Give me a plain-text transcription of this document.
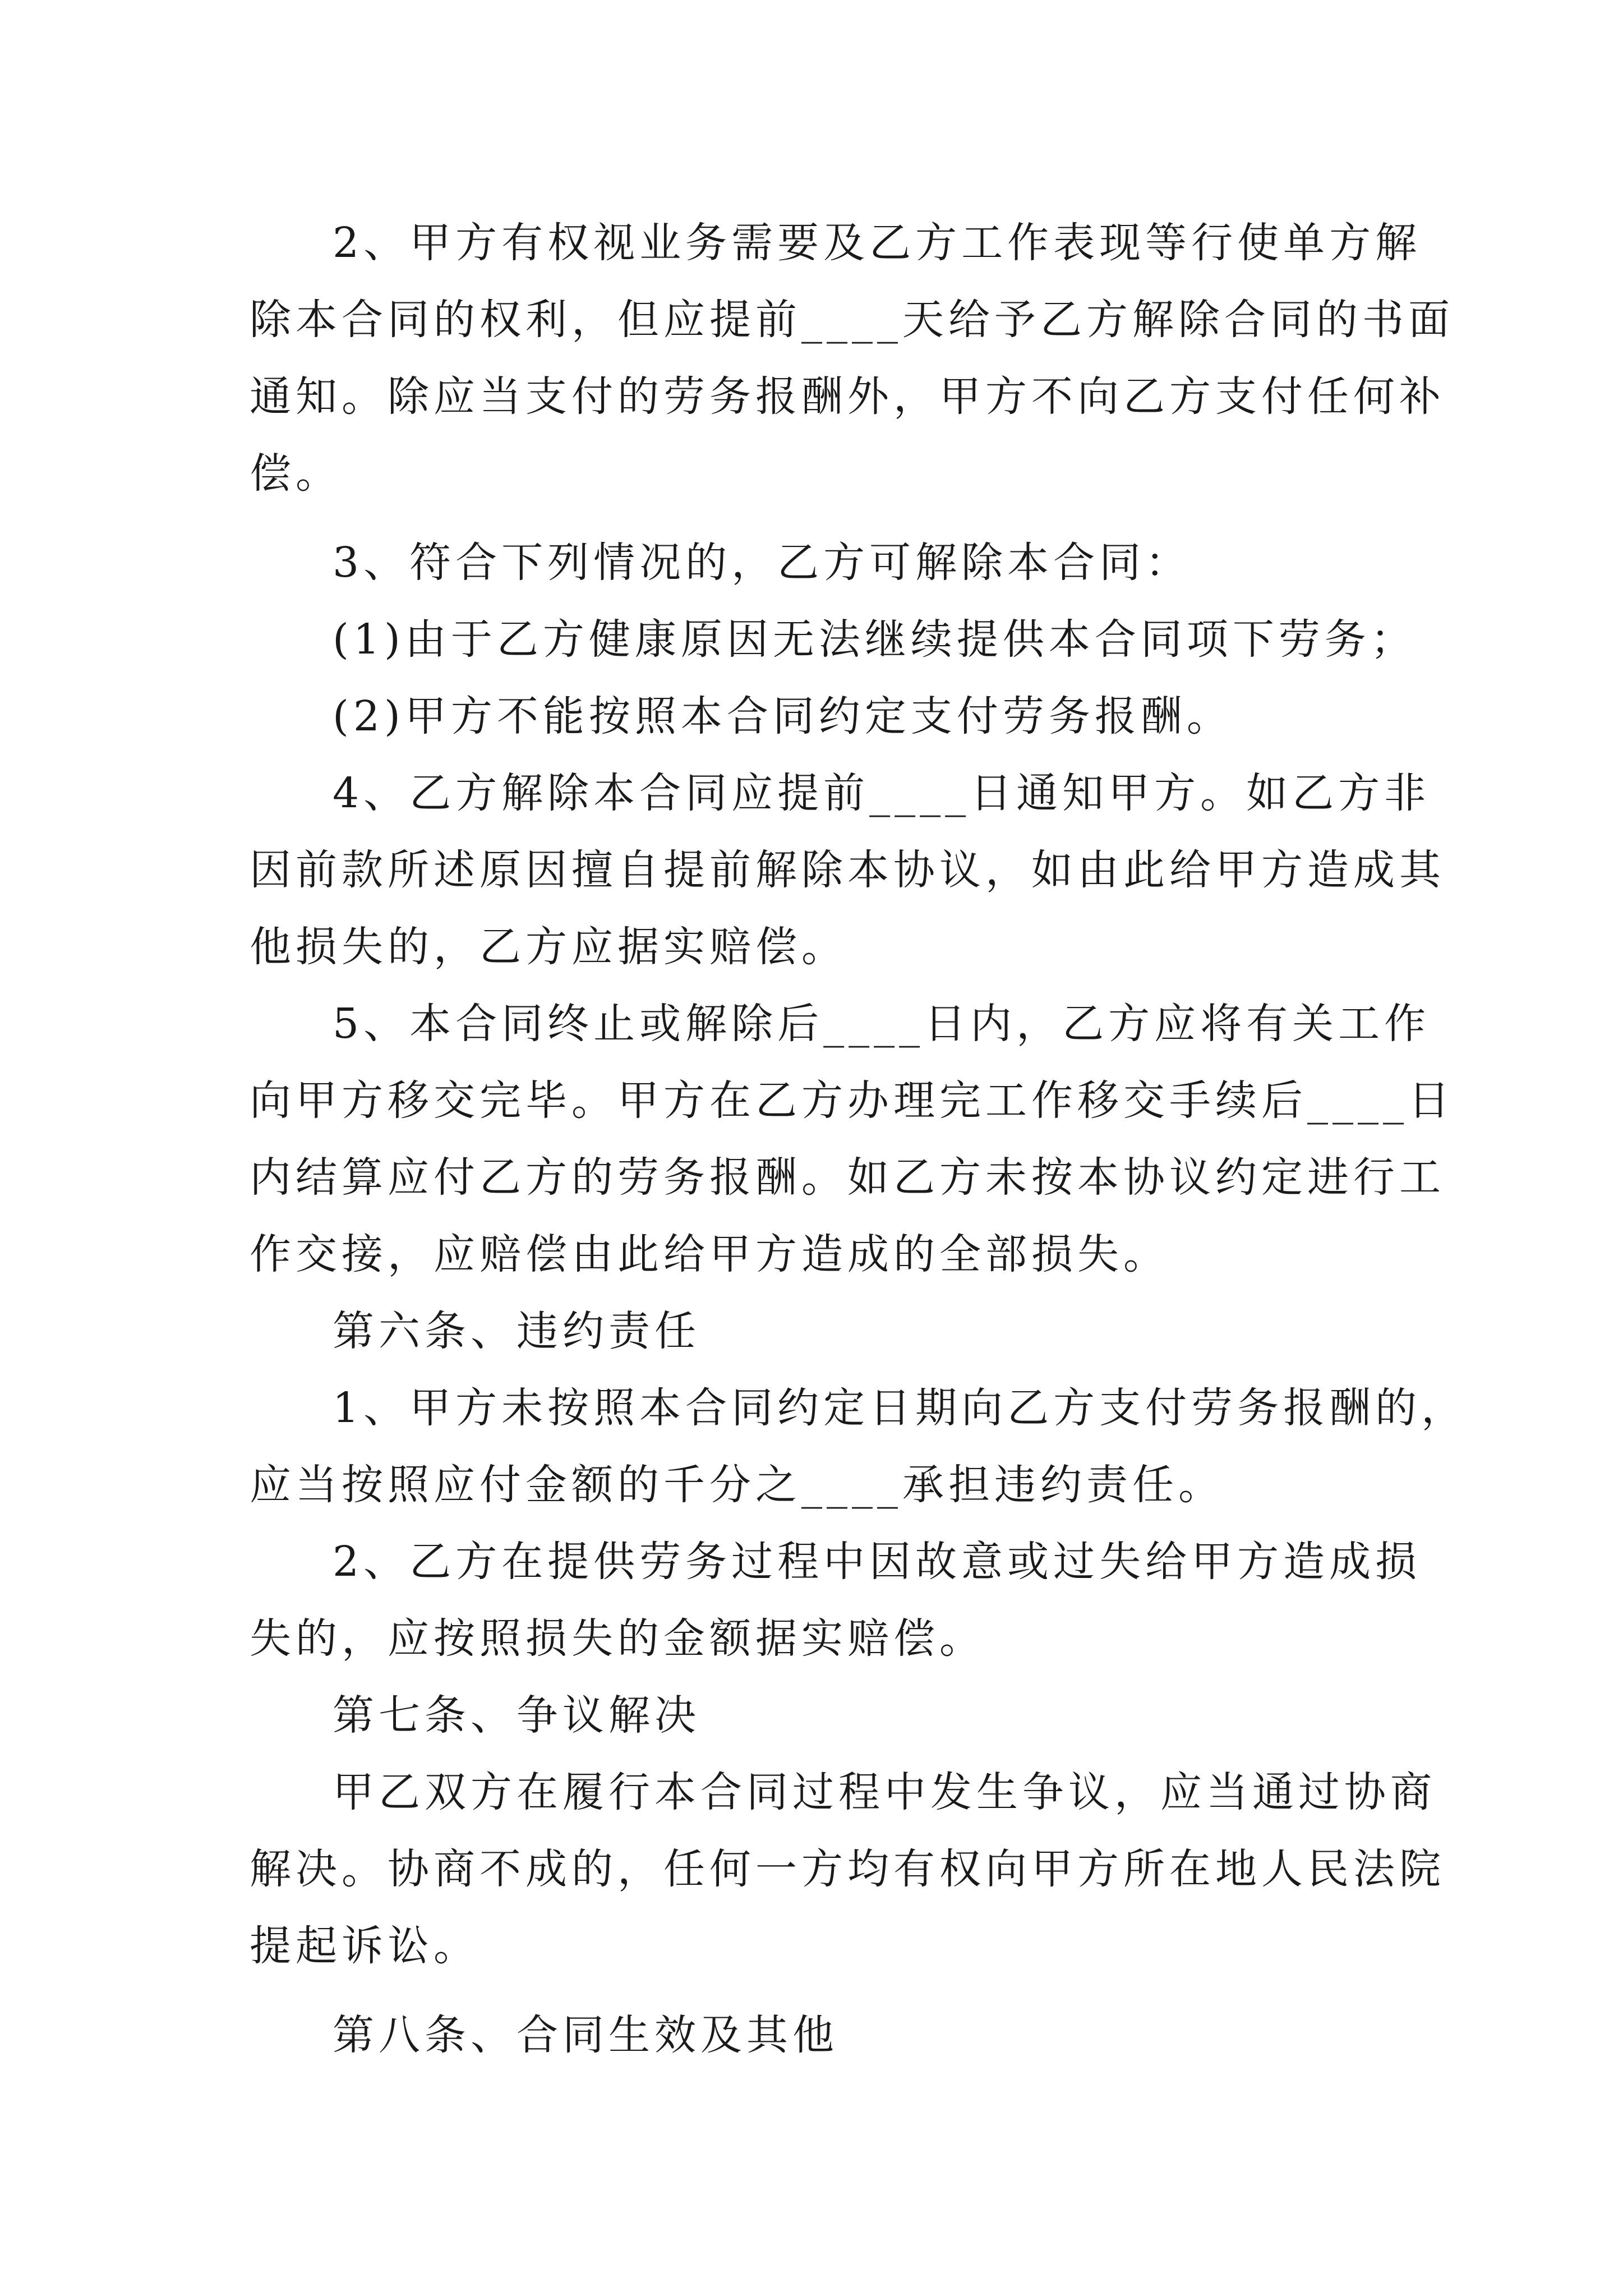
2、甲方有权视业务需要及乙方工作表现等行使单方解
除本合同的权利，但应提前____天给予乙方解除合同的书面
通知。除应当支付的劳务报酬外，甲方不向乙方支付任何补
偿。
3、符合下列情况的，乙方可解除本合同：
(1)由于乙方健康原因无法继续提供本合同项下劳务；
(2)甲方不能按照本合同约定支付劳务报酬。
4、乙方解除本合同应提前____日通知甲方。如乙方非
因前款所述原因擅自提前解除本协议，如由此给甲方造成其
他损失的，乙方应据实赔偿。
5、本合同终止或解除后____日内，乙方应将有关工作
向甲方移交完毕。甲方在乙方办理完工作移交手续后____日
内结算应付乙方的劳务报酬。如乙方未按本协议约定进行工
作交接，应赔偿由此给甲方造成的全部损失。
第六条、违约责任
1、甲方未按照本合同约定日期向乙方支付劳务报酬的，
应当按照应付金额的千分之____承担违约责任。
2、乙方在提供劳务过程中因故意或过失给甲方造成损
失的，应按照损失的金额据实赔偿。
第七条、争议解决
甲乙双方在履行本合同过程中发生争议，应当通过协商
解决。协商不成的，任何一方均有权向甲方所在地人民法院
提起诉讼。
第八条、合同生效及其他
